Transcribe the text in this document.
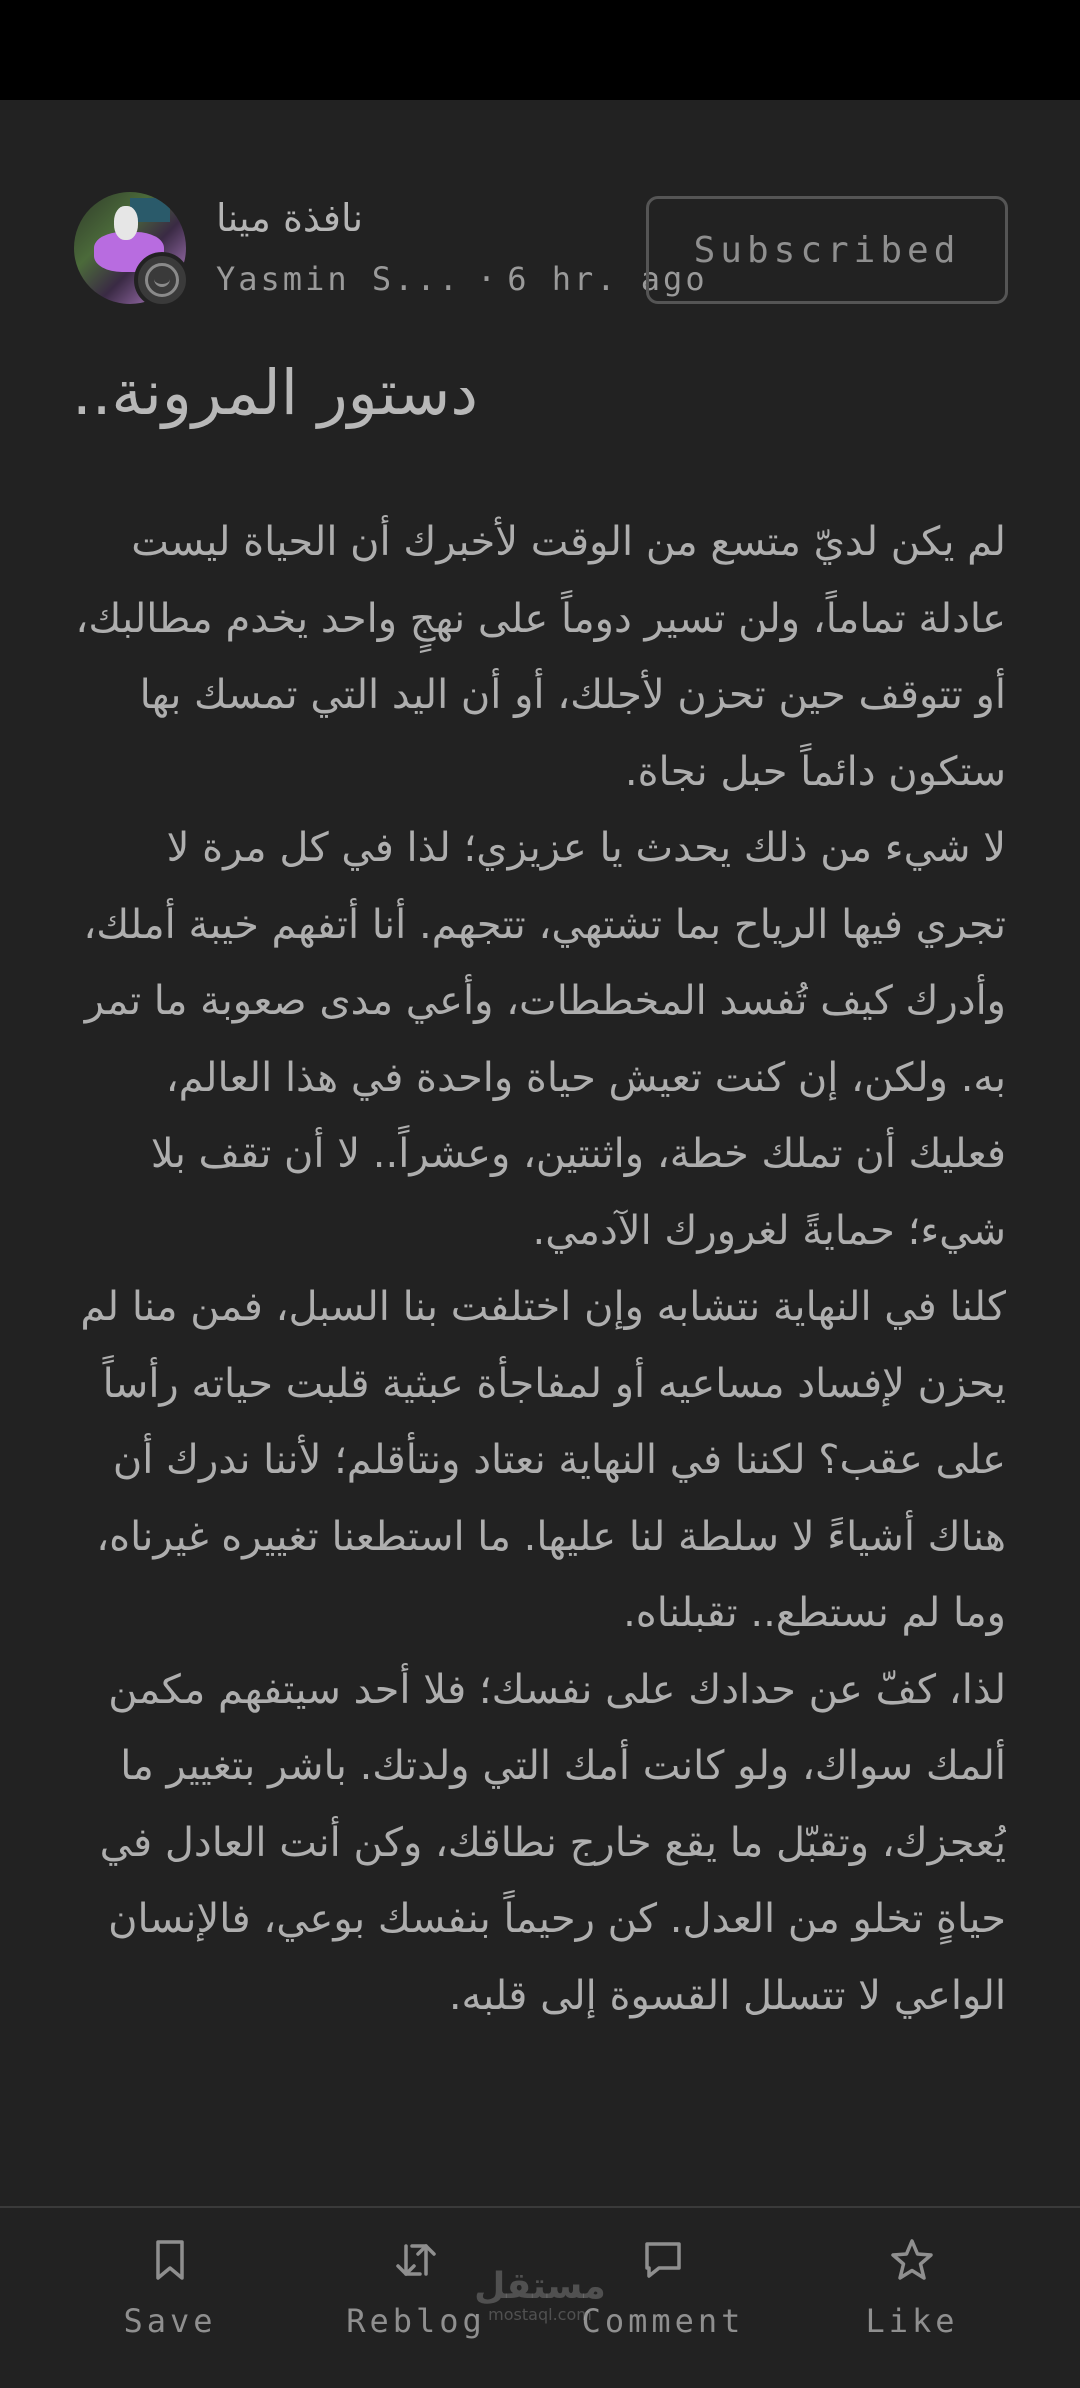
نافذة مينا
Yasmin S... · 6 hr. ago
Subscribed
دستور المرونة..

لم يكن لديّ متسع من الوقت لأخبرك أن الحياة ليست عادلة تماماً، ولن تسير دوماً على نهجٍ واحد يخدم مطالبك، أو تتوقف حين تحزن لأجلك، أو أن اليد التي تمسك بها ستكون دائماً حبل نجاة.

لا شيء من ذلك يحدث يا عزيزي؛ لذا في كل مرة لا تجري فيها الرياح بما تشتهي، تتجهم. أنا أتفهم خيبة أملك، وأدرك كيف تُفسد المخططات، وأعي مدى صعوبة ما تمر به. ولكن، إن كنت تعيش حياة واحدة في هذا العالم، فعليك أن تملك خطة، واثنتين، وعشراً.. لا أن تقف بلا شيء؛ حمايةً لغرورك الآدمي.

كلنا في النهاية نتشابه وإن اختلفت بنا السبل، فمن منا لم يحزن لإفساد مساعيه أو لمفاجأة عبثية قلبت حياته رأساً على عقب؟ لكننا في النهاية نعتاد ونتأقلم؛ لأننا ندرك أن هناك أشياءً لا سلطة لنا عليها. ما استطعنا تغييره غيرناه، وما لم نستطع.. تقبلناه.

لذا، كفّ عن حدادك على نفسك؛ فلا أحد سيتفهم مكمن ألمك سواك، ولو كانت أمك التي ولدتك. باشر بتغيير ما يُعجزك، وتقبّل ما يقع خارج نطاقك، وكن أنت العادل في حياةٍ تخلو من العدل. كن رحيماً بنفسك بوعي، فالإنسان الواعي لا تتسلل القسوة إلى قلبه.

Save	Reblog	Comment	Like
مستقل
mostaql.com
